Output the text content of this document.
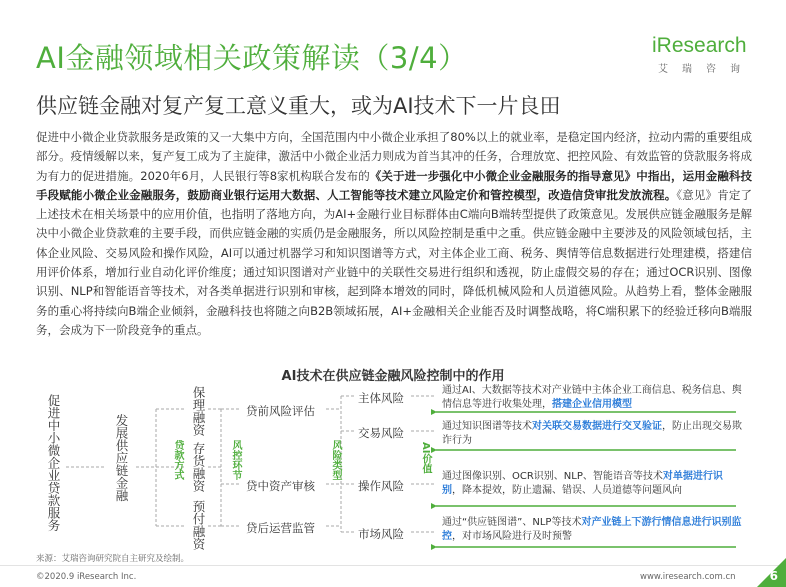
AI金融领域相关政策解读（3/4）
供应链金融对复产复工意义重大，或为AI技术下一片良田
iResearch
艾瑞咨询
促进中小微企业贷款服务是政策的又一大集中方向，全国范围内中小微企业承担了80%以上的就业率，是稳定国内经济，拉动内需的重要组成部分。疫情缓解以来，复产复工成为了主旋律，激活中小微企业活力则成为首当其冲的任务，合理放宽、把控风险、有效监管的贷款服务将成为有力的促进措施。2020年6月，人民银行等8家机构联合发布的《关于进一步强化中小微企业金融服务的指导意见》中指出，运用金融科技手段赋能小微企业金融服务，鼓励商业银行运用大数据、人工智能等技术建立风险定价和管控模型，改造信贷审批发放流程。《意见》肯定了上述技术在相关场景中的应用价值，也指明了落地方向，为AI+金融行业目标群体由C端向B端转型提供了政策意见。发展供应链金融服务是解决中小微企业贷款难的主要手段，而供应链金融的实质仍是金融服务，所以风险控制是重中之重。供应链金融中主要涉及的风险领域包括，主体企业风险、交易风险和操作风险，AI可以通过机器学习和知识图谱等方式，对主体企业工商、税务、舆情等信息数据进行处理建模，搭建信用评价体系，增加行业自动化评价维度；通过知识图谱对产业链中的关联性交易进行组织和透视，防止虚假交易的存在；通过OCR识别、图像识别、NLP和智能语音等技术，对各类单据进行识别和审核，起到降本增效的同时，降低机械风险和人员道德风险。从趋势上看，整体金融服务的重心将持续向B端企业倾斜，金融科技也将随之向B2B领域拓展，AI+金融相关企业能否及时调整战略，将C端积累下的经验迁移向B端服务，会成为下一阶段竞争的重点。
AI技术在供应链金融风险控制中的作用
促进中小微企业贷款服务	发展供应链金融	贷款方式
保理融资
存货融资
预付融资
风控环节
贷前风险评估
贷中资产审核
贷后运营监管
风险类型
主体风险
交易风险
操作风险
市场风险
AI价值
通过AI、大数据等技术对产业链中主体企业工商信息、税务信息、舆情信息等进行收集处理，搭建企业信用模型
通过知识图谱等技术对关联交易数据进行交叉验证，防止出现交易欺诈行为
通过图像识别、OCR识别、NLP、智能语音等技术对单据进行识别，降本提效，防止遗漏、错误、人员道德等问题风向
通过“供应链图谱”、NLP等技术对产业链上下游行情信息进行识别监控，对市场风险进行及时预警
来源：艾瑞咨询研究院自主研究及绘制。
©2020.9 iResearch Inc.	www.iresearch.com.cn	6
